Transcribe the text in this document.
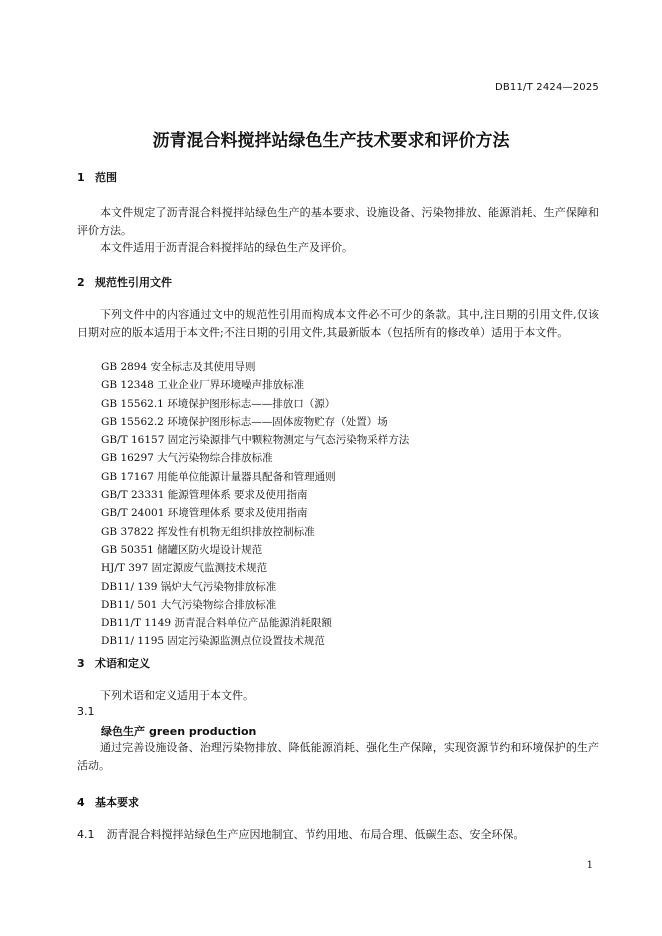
DB11/T 2424—2025
沥青混合料搅拌站绿色生产技术要求和评价方法
1 范围
本文件规定了沥青混合料搅拌站绿色生产的基本要求、设施设备、污染物排放、能源消耗、生产保障和评价方法。
本文件适用于沥青混合料搅拌站的绿色生产及评价。
2 规范性引用文件
下列文件中的内容通过文中的规范性引用而构成本文件必不可少的条款。其中,注日期的引用文件,仅该日期对应的版本适用于本文件;不注日期的引用文件,其最新版本（包括所有的修改单）适用于本文件。
GB 2894 安全标志及其使用导则
GB 12348 工业企业厂界环境噪声排放标准
GB 15562.1 环境保护图形标志——排放口（源）
GB 15562.2 环境保护图形标志——固体废物贮存（处置）场
GB/T 16157 固定污染源排气中颗粒物测定与气态污染物采样方法
GB 16297 大气污染物综合排放标准
GB 17167 用能单位能源计量器具配备和管理通则
GB/T 23331 能源管理体系 要求及使用指南
GB/T 24001 环境管理体系 要求及使用指南
GB 37822 挥发性有机物无组织排放控制标准
GB 50351 储罐区防火堤设计规范
HJ/T 397 固定源废气监测技术规范
DB11/ 139 锅炉大气污染物排放标准
DB11/ 501 大气污染物综合排放标准
DB11/T 1149 沥青混合料单位产品能源消耗限额
DB11/ 1195 固定污染源监测点位设置技术规范
3 术语和定义
下列术语和定义适用于本文件。
3.1
绿色生产 green production
通过完善设施设备、治理污染物排放、降低能源消耗、强化生产保障，实现资源节约和环境保护的生产活动。
4 基本要求
4.1 沥青混合料搅拌站绿色生产应因地制宜、节约用地、布局合理、低碳生态、安全环保。
1
